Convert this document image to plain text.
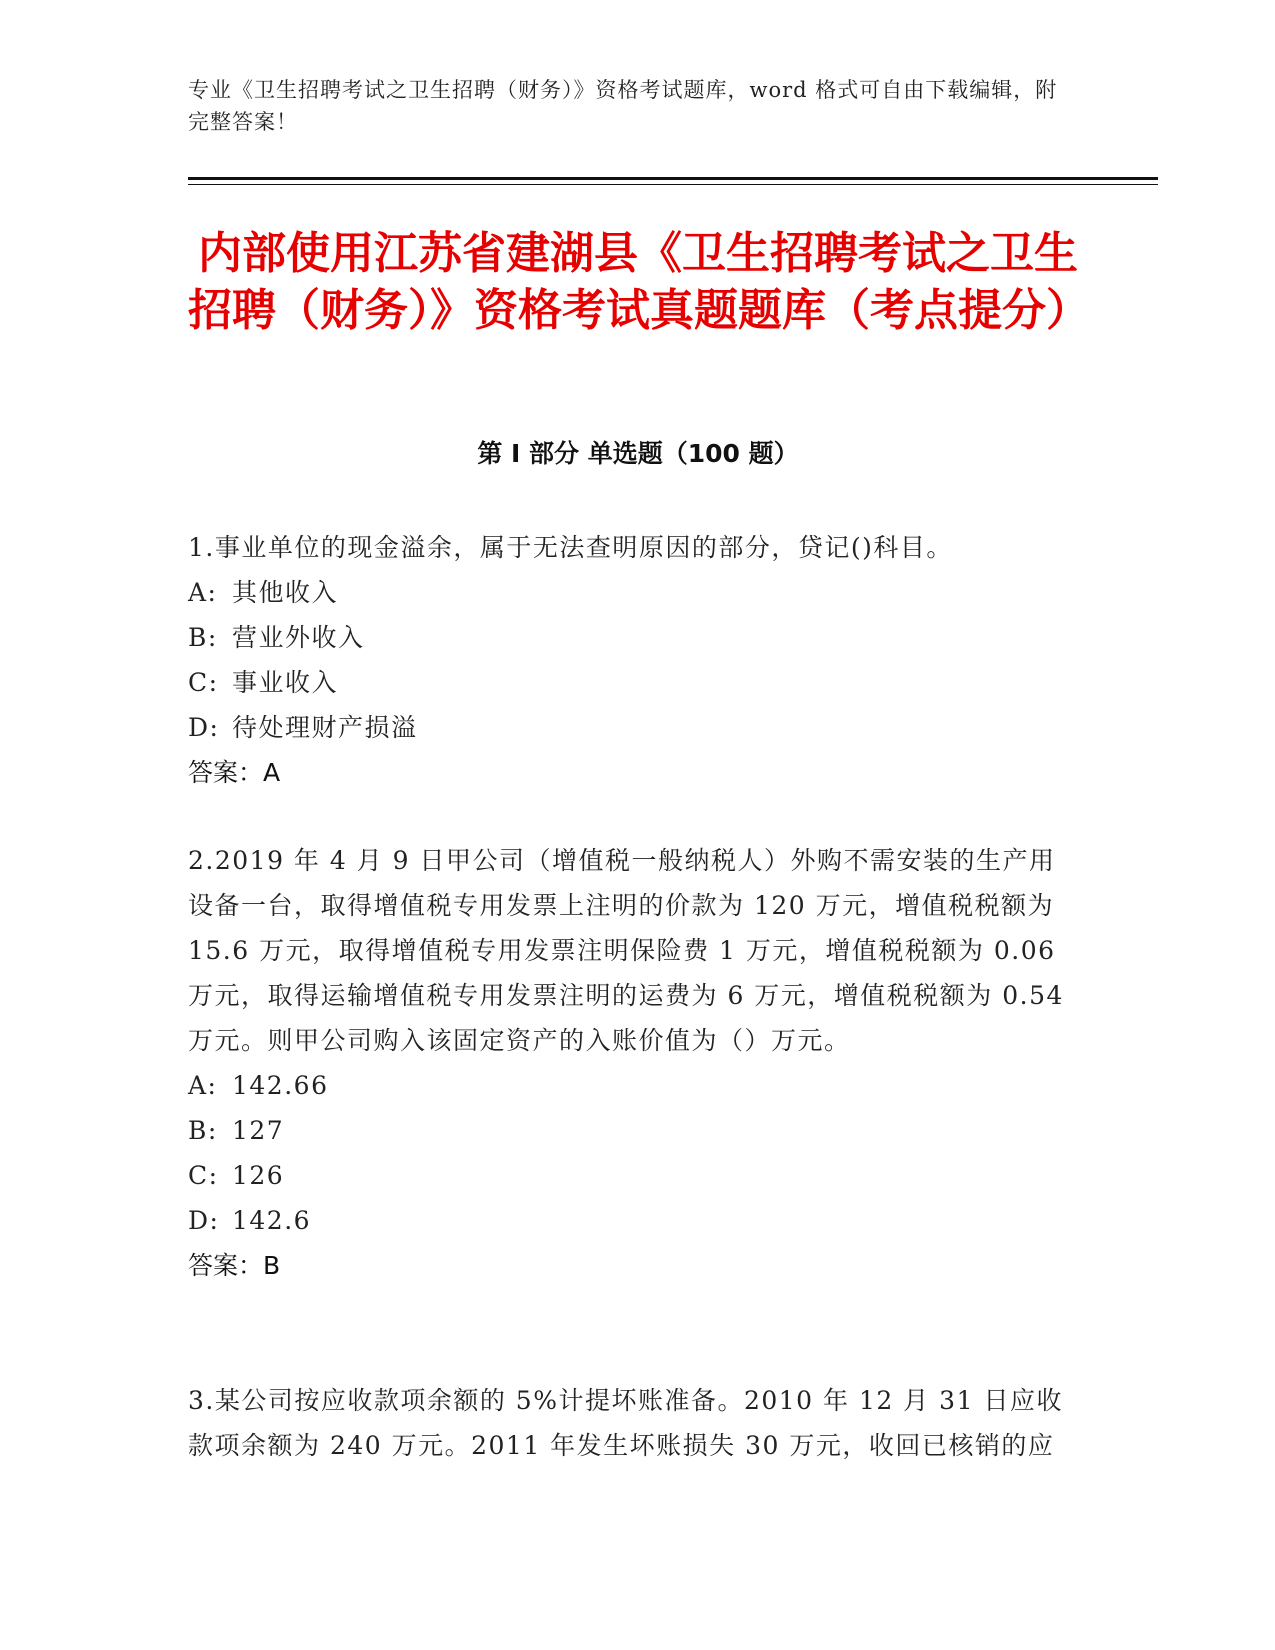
专业《卫生招聘考试之卫生招聘（财务）》资格考试题库，word 格式可自由下载编辑，附完整答案！
内部使用江苏省建湖县《卫生招聘考试之卫生招聘（财务）》资格考试真题题库（考点提分）
第 I 部分 单选题（100 题）

1.事业单位的现金溢余，属于无法查明原因的部分，贷记()科目。

A: 其他收入

B: 营业外收入

C: 事业收入

D: 待处理财产损溢

答案：A

2.2019 年 4 月 9 日甲公司（增值税一般纳税人）外购不需安装的生产用设备一台，取得增值税专用发票上注明的价款为 120 万元，增值税税额为 15.6 万元，取得增值税专用发票注明保险费 1 万元，增值税税额为 0.06 万元，取得运输增值税专用发票注明的运费为 6 万元，增值税税额为 0.54 万元。则甲公司购入该固定资产的入账价值为（）万元。

A: 142.66

B: 127

C: 126

D: 142.6

答案：B

3.某公司按应收款项余额的 5%计提坏账准备。2010 年 12 月 31 日应收款项余额为 240 万元。2011 年发生坏账损失 30 万元，收回已核销的应
